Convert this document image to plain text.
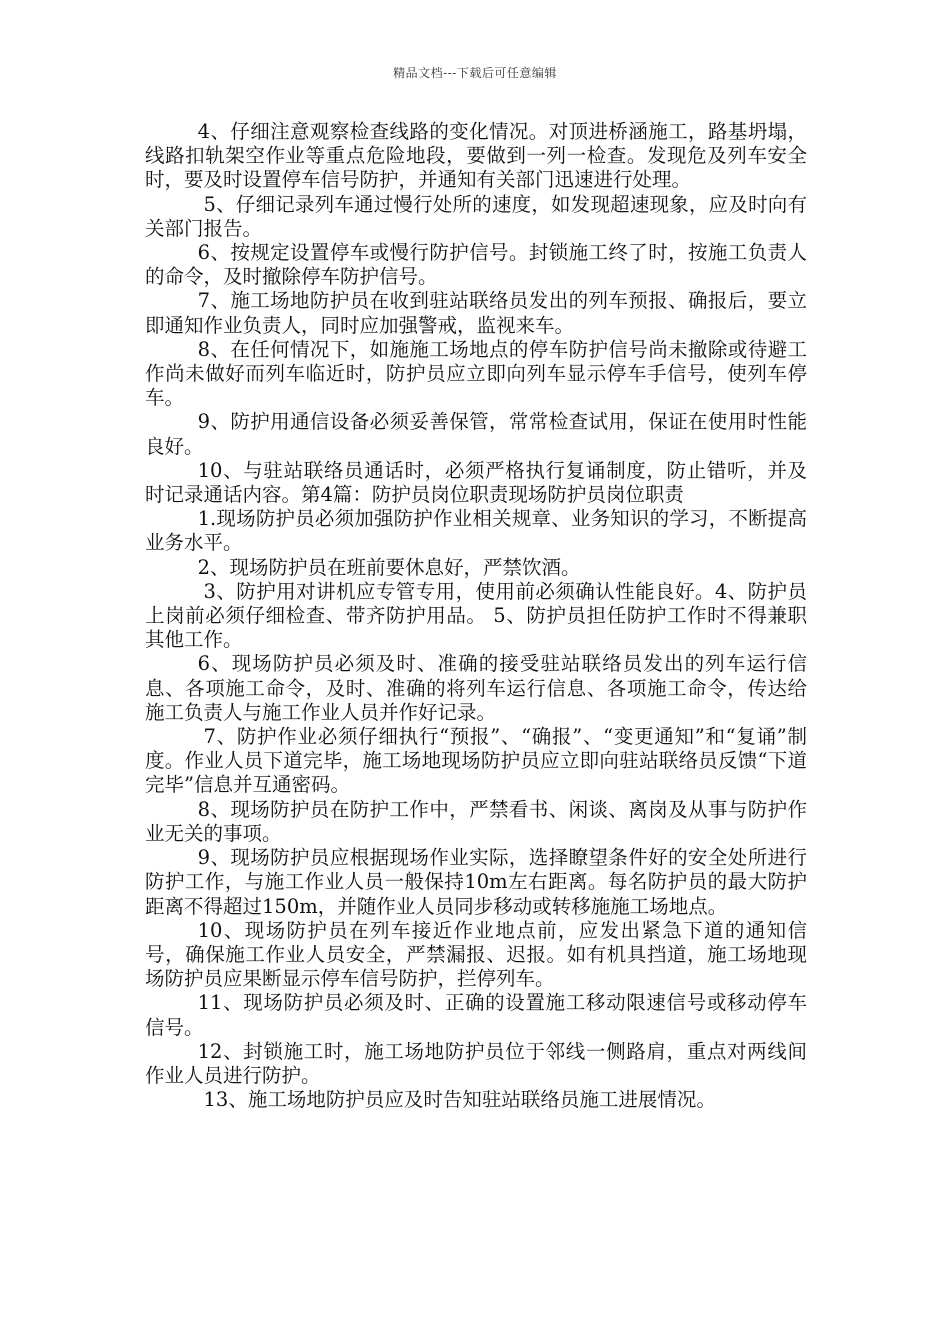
精品文档---下载后可任意编辑

4、仔细注意观察检查线路的变化情况。对顶进桥涵施工，路基坍塌，线路扣轨架空作业等重点危险地段，要做到一列一检查。发现危及列车安全时，要及时设置停车信号防护，并通知有关部门迅速进行处理。

5、仔细记录列车通过慢行处所的速度，如发现超速现象，应及时向有关部门报告。

6、按规定设置停车或慢行防护信号。封锁施工终了时，按施工负责人的命令，及时撤除停车防护信号。

7、施工场地防护员在收到驻站联络员发出的列车预报、确报后，要立即通知作业负责人，同时应加强警戒，监视来车。

8、在任何情况下，如施施工场地点的停车防护信号尚未撤除或待避工作尚未做好而列车临近时，防护员应立即向列车显示停车手信号，使列车停车。

9、防护用通信设备必须妥善保管，常常检查试用，保证在使用时性能良好。

10、与驻站联络员通话时，必须严格执行复诵制度，防止错听，并及时记录通话内容。第4篇：防护员岗位职责现场防护员岗位职责

1.现场防护员必须加强防护作业相关规章、业务知识的学习，不断提高业务水平。

2、现场防护员在班前要休息好，严禁饮酒。

3、防护用对讲机应专管专用，使用前必须确认性能良好。4、防护员上岗前必须仔细检查、带齐防护用品。 5、防护员担任防护工作时不得兼职其他工作。

6、现场防护员必须及时、准确的接受驻站联络员发出的列车运行信息、各项施工命令，及时、准确的将列车运行信息、各项施工命令，传达给施工负责人与施工作业人员并作好记录。

7、防护作业必须仔细执行“预报”、“确报”、“变更通知”和“复诵”制度。作业人员下道完毕，施工场地现场防护员应立即向驻站联络员反馈“下道完毕”信息并互通密码。

8、现场防护员在防护工作中，严禁看书、闲谈、离岗及从事与防护作业无关的事项。

9、现场防护员应根据现场作业实际，选择瞭望条件好的安全处所进行防护工作，与施工作业人员一般保持10m左右距离。每名防护员的最大防护距离不得超过150m，并随作业人员同步移动或转移施施工场地点。

10、现场防护员在列车接近作业地点前，应发出紧急下道的通知信号，确保施工作业人员安全，严禁漏报、迟报。如有机具挡道，施工场地现场防护员应果断显示停车信号防护，拦停列车。

11、现场防护员必须及时、正确的设置施工移动限速信号或移动停车信号。

12、封锁施工时，施工场地防护员位于邻线一侧路肩，重点对两线间作业人员进行防护。

13、施工场地防护员应及时告知驻站联络员施工进展情况。
